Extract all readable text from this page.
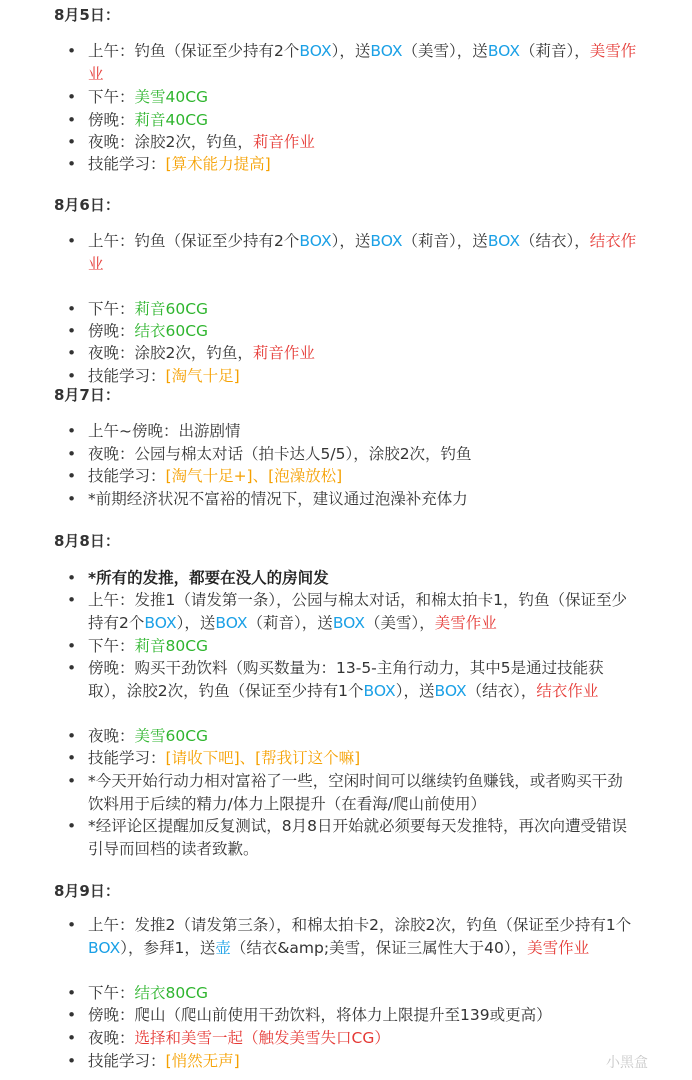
8月5日：
• 上午：钓鱼（保证至少持有2个BOX），送BOX（美雪），送BOX（莉音），美雪作业
• 下午：美雪40CG
• 傍晚：莉音40CG
• 夜晚：涂胶2次，钓鱼，莉音作业
• 技能学习：[算术能力提高]
8月6日：
• 上午：钓鱼（保证至少持有2个BOX），送BOX（莉音），送BOX（结衣），结衣作业
• 下午：莉音60CG
• 傍晚：结衣60CG
• 夜晚：涂胶2次，钓鱼，莉音作业
• 技能学习：[淘气十足]
8月7日：
• 上午~傍晚：出游剧情
• 夜晚：公园与棉太对话（拍卡达人5/5），涂胶2次，钓鱼
• 技能学习：[淘气十足+]、[泡澡放松]
• *前期经济状况不富裕的情况下，建议通过泡澡补充体力
8月8日：
• *所有的发推，都要在没人的房间发
• 上午：发推1（请发第一条），公园与棉太对话，和棉太拍卡1，钓鱼（保证至少持有2个BOX），送BOX（莉音），送BOX（美雪），美雪作业
• 下午：莉音80CG
• 傍晚：购买干劲饮料（购买数量为：13-5-主角行动力，其中5是通过技能获取），涂胶2次，钓鱼（保证至少持有1个BOX），送BOX（结衣），结衣作业
• 夜晚：美雪60CG
• 技能学习：[请收下吧]、[帮我订这个嘛]
• *今天开始行动力相对富裕了一些，空闲时间可以继续钓鱼赚钱，或者购买干劲饮料用于后续的精力/体力上限提升（在看海/爬山前使用）
• *经评论区提醒加反复测试，8月8日开始就必须要每天发推特，再次向遭受错误引导而回档的读者致歉。
8月9日：
• 上午：发推2（请发第三条），和棉太拍卡2，涂胶2次，钓鱼（保证至少持有1个BOX），参拜1，送壶（结衣&amp;美雪，保证三属性大于40），美雪作业
• 下午：结衣80CG
• 傍晚：爬山（爬山前使用干劲饮料，将体力上限提升至139或更高）
• 夜晚：选择和美雪一起（触发美雪失口CG）
• 技能学习：[悄然无声]	小黑盒
